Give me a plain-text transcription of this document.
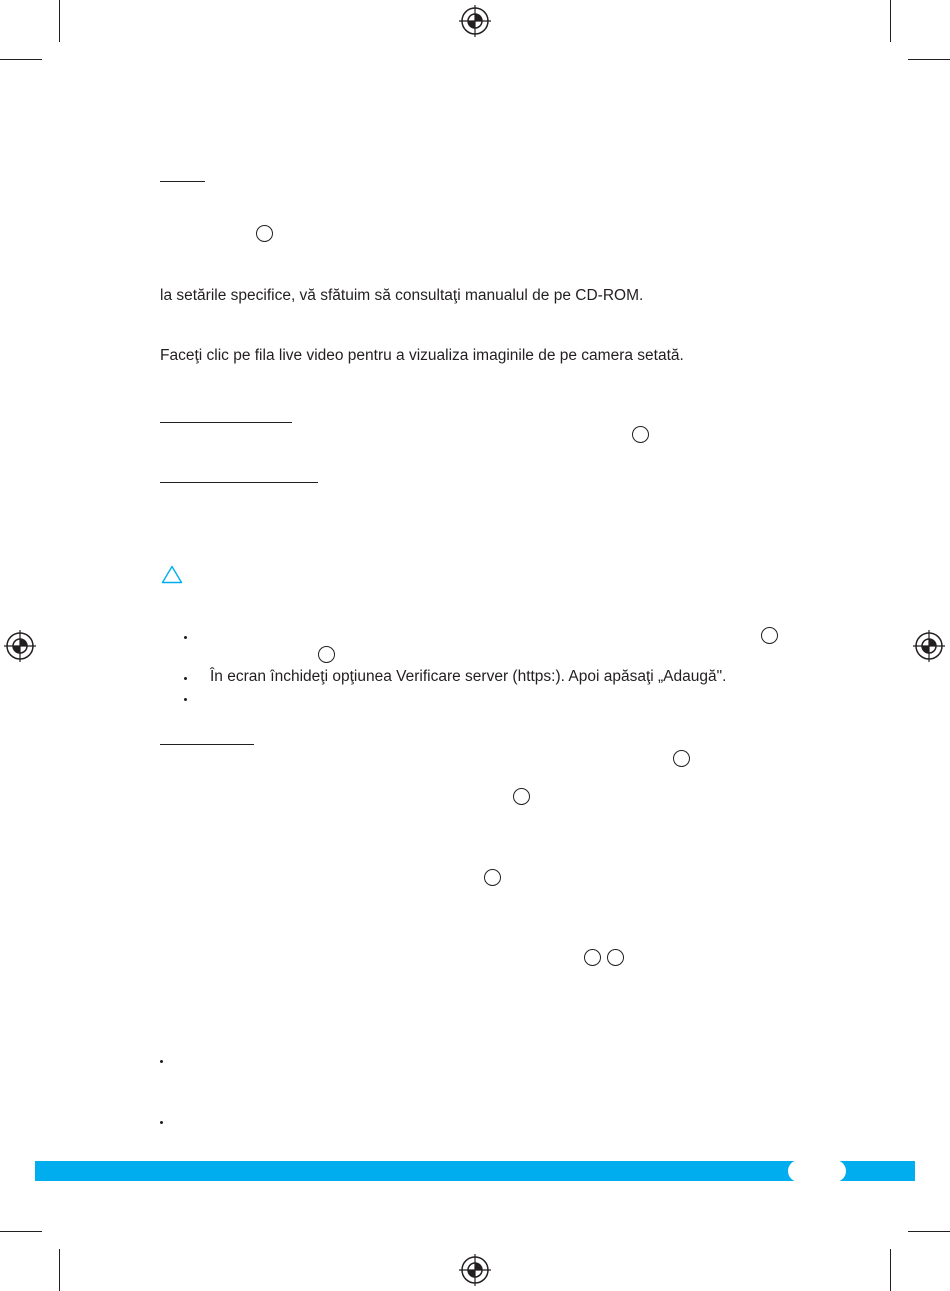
la setările specifice, vă sfătuim să consultaţi manualul de pe CD-ROM.
Faceţi clic pe fila live video pentru a vizualiza imaginile de pe camera setată.
În ecran închideţi opţiunea Verificare server (https:). Apoi apăsaţi „Adaugă".
